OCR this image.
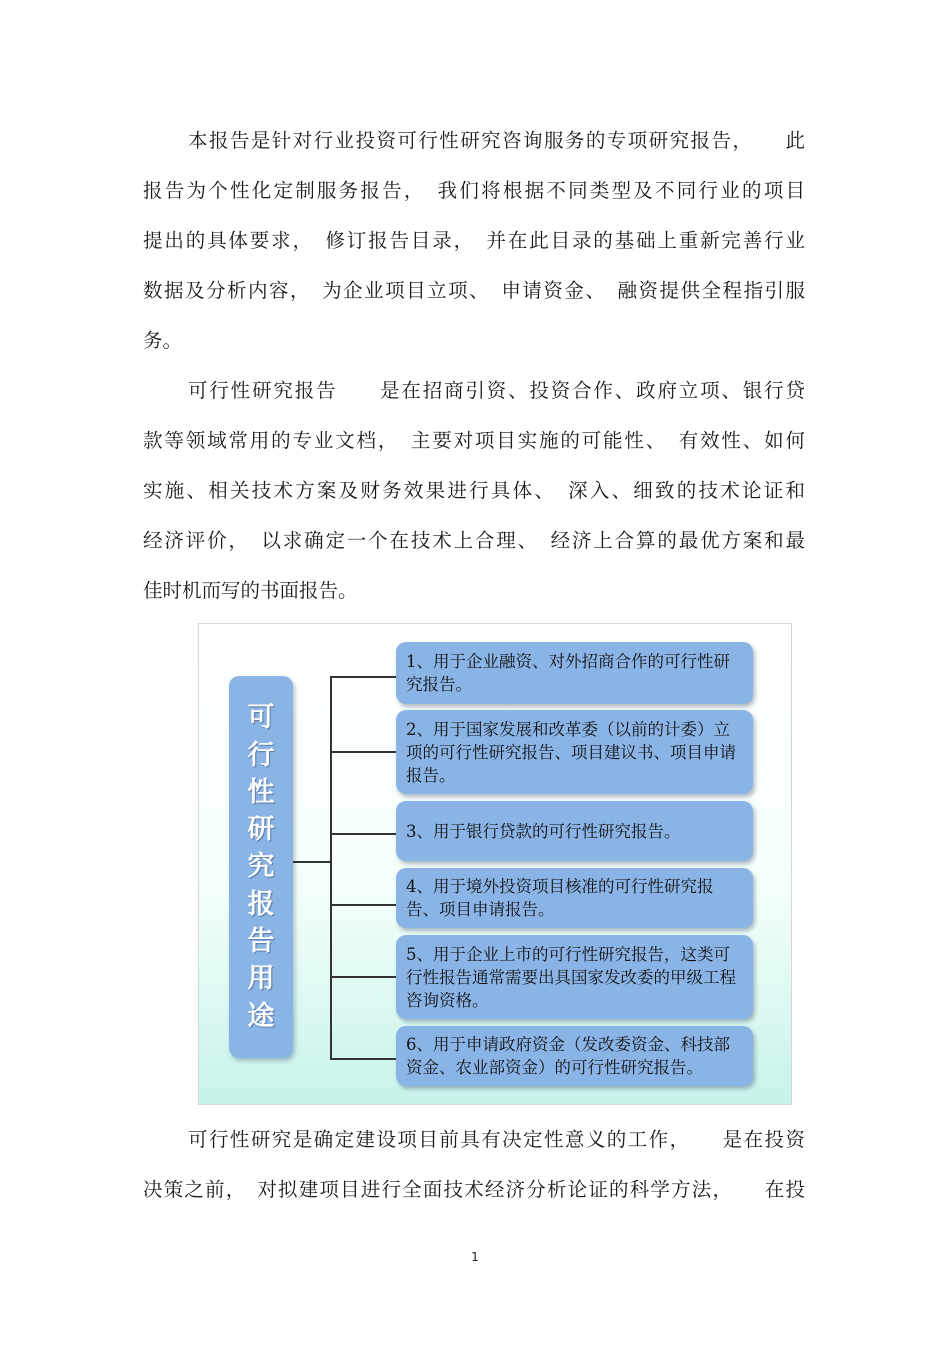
本报告是针对行业投资可行性研究咨询服务的专项研究报告，　　此
报告为个性化定制服务报告，　我们将根据不同类型及不同行业的项目
提出的具体要求，　修订报告目录，　并在此目录的基础上重新完善行业
数据及分析内容，　为企业项目立项、　申请资金、　融资提供全程指引服
务。
可行性研究报告　　是在招商引资、投资合作、政府立项、银行贷
款等领域常用的专业文档，　主要对项目实施的可能性、　有效性、如何
实施、相关技术方案及财务效果进行具体、　深入、细致的技术论证和
经济评价，　以求确定一个在技术上合理、　经济上合算的最优方案和最
佳时机而写的书面报告。
可
行
性
研
究
报
告
用
途
1、用于企业融资、对外招商合作的可行性研究报告。
2、用于国家发展和改革委（以前的计委）立项的可行性研究报告、项目建议书、项目申请报告。
3、用于银行贷款的可行性研究报告。
4、用于境外投资项目核准的可行性研究报告、项目申请报告。
5、用于企业上市的可行性研究报告，这类可行性报告通常需要出具国家发改委的甲级工程咨询资格。
6、用于申请政府资金（发改委资金、科技部资金、农业部资金）的可行性研究报告。
可行性研究是确定建设项目前具有决定性意义的工作，　　是在投资
决策之前，　对拟建项目进行全面技术经济分析论证的科学方法，　　在投
1
